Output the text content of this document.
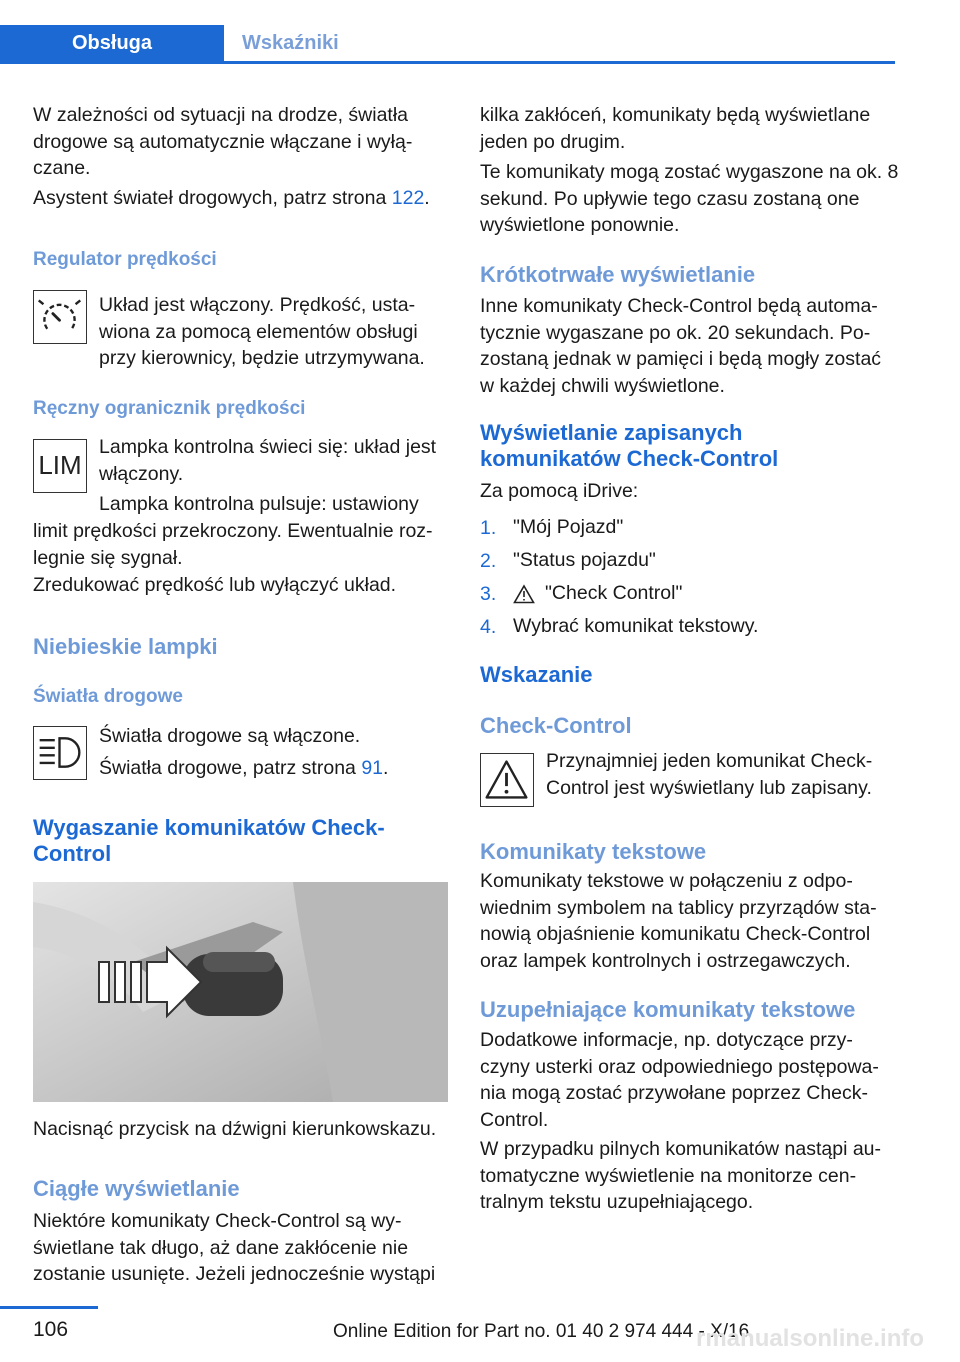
Obsługa	Wskaźniki

W zależności od sytuacji na drodze, światła drogowe są automatycznie włączane i wyłą‐ czane.

Asystent świateł drogowych, patrz strona 122.

Regulator prędkości

Układ jest włączony. Prędkość, usta‐ wiona za pomocą elementów obsługi przy kierownicy, będzie utrzymywana.

Ręczny ogranicznik prędkości
LIM

Lampka kontrolna świeci się: układ jest włączony.

Lampka kontrolna pulsuje: ustawiony

limit prędkości przekroczony. Ewentualnie roz‐ legnie się sygnał.

Zredukować prędkość lub wyłączyć układ.

Niebieskie lampki
Światła drogowe

Światła drogowe są włączone.

Światła drogowe, patrz strona 91.

Wygaszanie komunikatów Check-Control

Nacisnąć przycisk na dźwigni kierunkowskazu.

Ciągłe wyświetlanie

Niektóre komunikaty Check-Control są wy‐ świetlane tak długo, aż dane zakłócenie nie zostanie usunięte. Jeżeli jednocześnie wystąpi

kilka zakłóceń, komunikaty będą wyświetlane jeden po drugim.

Te komunikaty mogą zostać wygaszone na ok. 8 sekund. Po upływie tego czasu zostaną one wyświetlone ponownie.

Krótkotrwałe wyświetlanie

Inne komunikaty Check-Control będą automa‐ tycznie wygaszane po ok. 20 sekundach. Po‐ zostaną jednak w pamięci i będą mogły zostać w każdej chwili wyświetlone.

Wyświetlanie zapisanych komunikatów Check-Control

Za pomocą iDrive:

1. "Mój Pojazd"
2. "Status pojazdu"
3. "Check Control"
4. Wybrać komunikat tekstowy.
Wskazanie
Check-Control

Przynajmniej jeden komunikat Check- Control jest wyświetlany lub zapisany.

Komunikaty tekstowe

Komunikaty tekstowe w połączeniu z odpo‐ wiednim symbolem na tablicy przyrządów sta‐ nowią objaśnienie komunikatu Check-Control oraz lampek kontrolnych i ostrzegawczych.

Uzupełniające komunikaty tekstowe

Dodatkowe informacje, np. dotyczące przy‐ czyny usterki oraz odpowiedniego postępowa‐ nia mogą zostać przywołane poprzez Check- Control.

W przypadku pilnych komunikatów nastąpi au‐ tomatyczne wyświetlenie na monitorze cen‐ tralnym tekstu uzupełniającego.

106	Online Edition for Part no. 01 40 2 974 444 - X/16
rmanualsonline.info
